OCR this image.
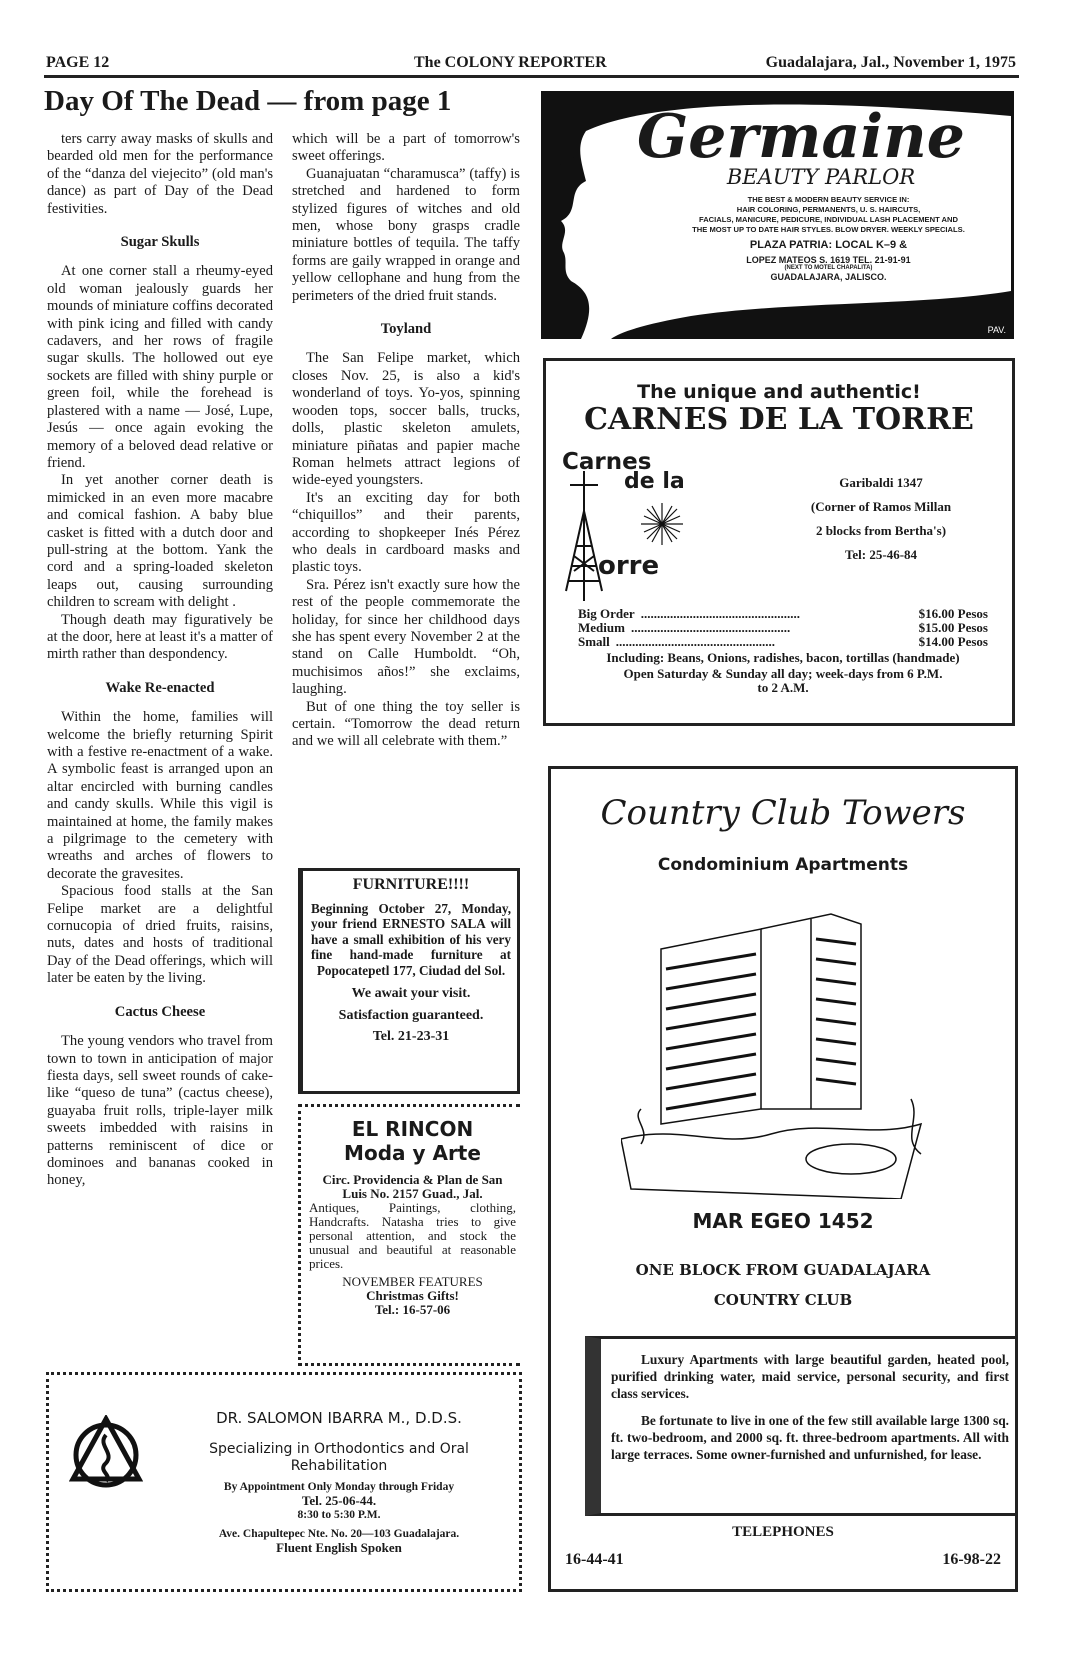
PAGE 12	The COLONY REPORTER	Guadalajara, Jal., November 1, 1975
Day Of The Dead — from page 1

ters carry away masks of skulls and bearded old men for the performance of the “danza del viejecito” (old man's dance) as part of Day of the Dead festivities.

Sugar Skulls

At one corner stall a rheumy-eyed old woman jealously guards her mounds of miniature coffins decorated with pink icing and filled with candy cadavers, and her rows of fragile sugar skulls. The hollowed out eye sockets are filled with shiny purple or green foil, while the forehead is plastered with a name — José, Lupe, Jesús — once again evoking the memory of a beloved dead relative or friend.

In yet another corner death is mimicked in an even more macabre and comical fashion. A baby blue casket is fitted with a dutch door and pull-string at the bottom. Yank the cord and a spring-loaded skeleton leaps out, causing surrounding children to scream with delight .

Though death may figuratively be at the door, here at least it's a matter of mirth rather than despondency.

Wake Re-enacted

Within the home, families will welcome the briefly returning Spirit with a festive re-enactment of a wake. A symbolic feast is arranged upon an altar encircled with burning candles and candy skulls. While this vigil is maintained at home, the family makes a pilgrimage to the cemetery with wreaths and arches of flowers to decorate the gravesites.

Spacious food stalls at the San Felipe market are a delightful cornucopia of dried fruits, raisins, nuts, dates and hosts of traditional Day of the Dead offerings, which will later be eaten by the living.

Cactus Cheese

The young vendors who travel from town to town in anticipation of major fiesta days, sell sweet rounds of cake-like “queso de tuna” (cactus cheese), guayaba fruit rolls, triple-layer milk sweets imbedded with raisins in patterns reminiscent of dice or dominoes and bananas cooked in honey,

which will be a part of tomorrow's sweet offerings.

Guanajuatan “charamusca” (taffy) is stretched and hardened to form stylized figures of witches and old men, whose bony grasps cradle miniature bottles of tequila. The taffy forms are gaily wrapped in orange and yellow cellophane and hung from the perimeters of the dried fruit stands.

Toyland

The San Felipe market, which closes Nov. 25, is also a kid's wonderland of toys. Yo-yos, spinning wooden tops, soccer balls, trucks, dolls, plastic skeleton amulets, miniature piñatas and papier mache Roman helmets attract legions of wide-eyed youngsters.

It's an exciting day for both “chiquillos” and their parents, according to shopkeeper Inés Pérez who deals in cardboard masks and plastic toys.

Sra. Pérez isn't exactly sure how the rest of the people commemorate the holiday, for since her childhood days she has spent every November 2 at the stand on Calle Humboldt. “Oh, muchisimos años!” she exclaims, laughing.

But of one thing the toy seller is certain. “Tomorrow the dead return and we will all celebrate with them.”

Germaine
BEAUTY PARLOR
THE BEST & MODERN BEAUTY SERVICE IN:
HAIR COLORING, PERMANENTS, U. S. HAIRCUTS,
FACIALS, MANICURE, PEDICURE, INDIVIDUAL LASH PLACEMENT AND
THE MOST UP TO DATE HAIR STYLES. BLOW DRYER. WEEKLY SPECIALS.
PLAZA PATRIA: LOCAL K–9 &
LOPEZ MATEOS S. 1619 TEL. 21-91-91
(NEXT TO MOTEL CHAPALITA)
GUADALAJARA, JALISCO.
PAV.
The unique and authentic!
CARNES DE LA TORRE
Carnes
de la
orre
Garibaldi 1347
(Corner of Ramos Millan
2 blocks from Bertha's)
Tel: 25-46-84
Big Order .................................................	$16.00 Pesos
Medium .................................................	$15.00 Pesos
Small .................................................	$14.00 Pesos
Including: Beans, Onions, radishes, bacon, tortillas (handmade)
Open Saturday & Sunday all day; week-days from 6 P.M. to 2 A.M.
Country Club Towers
Condominium Apartments
MAR EGEO 1452
ONE BLOCK FROM GUADALAJARA
COUNTRY CLUB

Luxury Apartments with large beautiful garden, heated pool, purified drinking water, maid service, personal security, and first class services.

Be fortunate to live in one of the few still available large 1300 sq. ft. two-bedroom, and 2000 sq. ft. three-bedroom apartments. All with large terraces. Some owner-furnished and unfurnished, for lease.

TELEPHONES
16-44-41	16-98-22
FURNITURE!!!!
Beginning October 27, Monday, your friend ERNESTO SALA will have a small exhibition of his very fine hand-made furniture at Popocatepetl 177, Ciudad del Sol.
We await your visit.
Satisfaction guaranteed.
Tel. 21-23-31
EL RINCON
Moda y Arte
Circ. Providencia & Plan de San Luis No. 2157 Guad., Jal.
Antiques, Paintings, clothing, Handcrafts. Natasha tries to give personal attention, and stock the unusual and beautiful at reasonable prices.
NOVEMBER FEATURES
Christmas Gifts!
Tel.: 16-57-06
DR. SALOMON IBARRA M., D.D.S.
Specializing in Orthodontics and Oral Rehabilitation
By Appointment Only Monday through Friday
Tel. 25-06-44.
8:30 to 5:30 P.M.
Ave. Chapultepec Nte. No. 20—103 Guadalajara.
Fluent English Spoken
